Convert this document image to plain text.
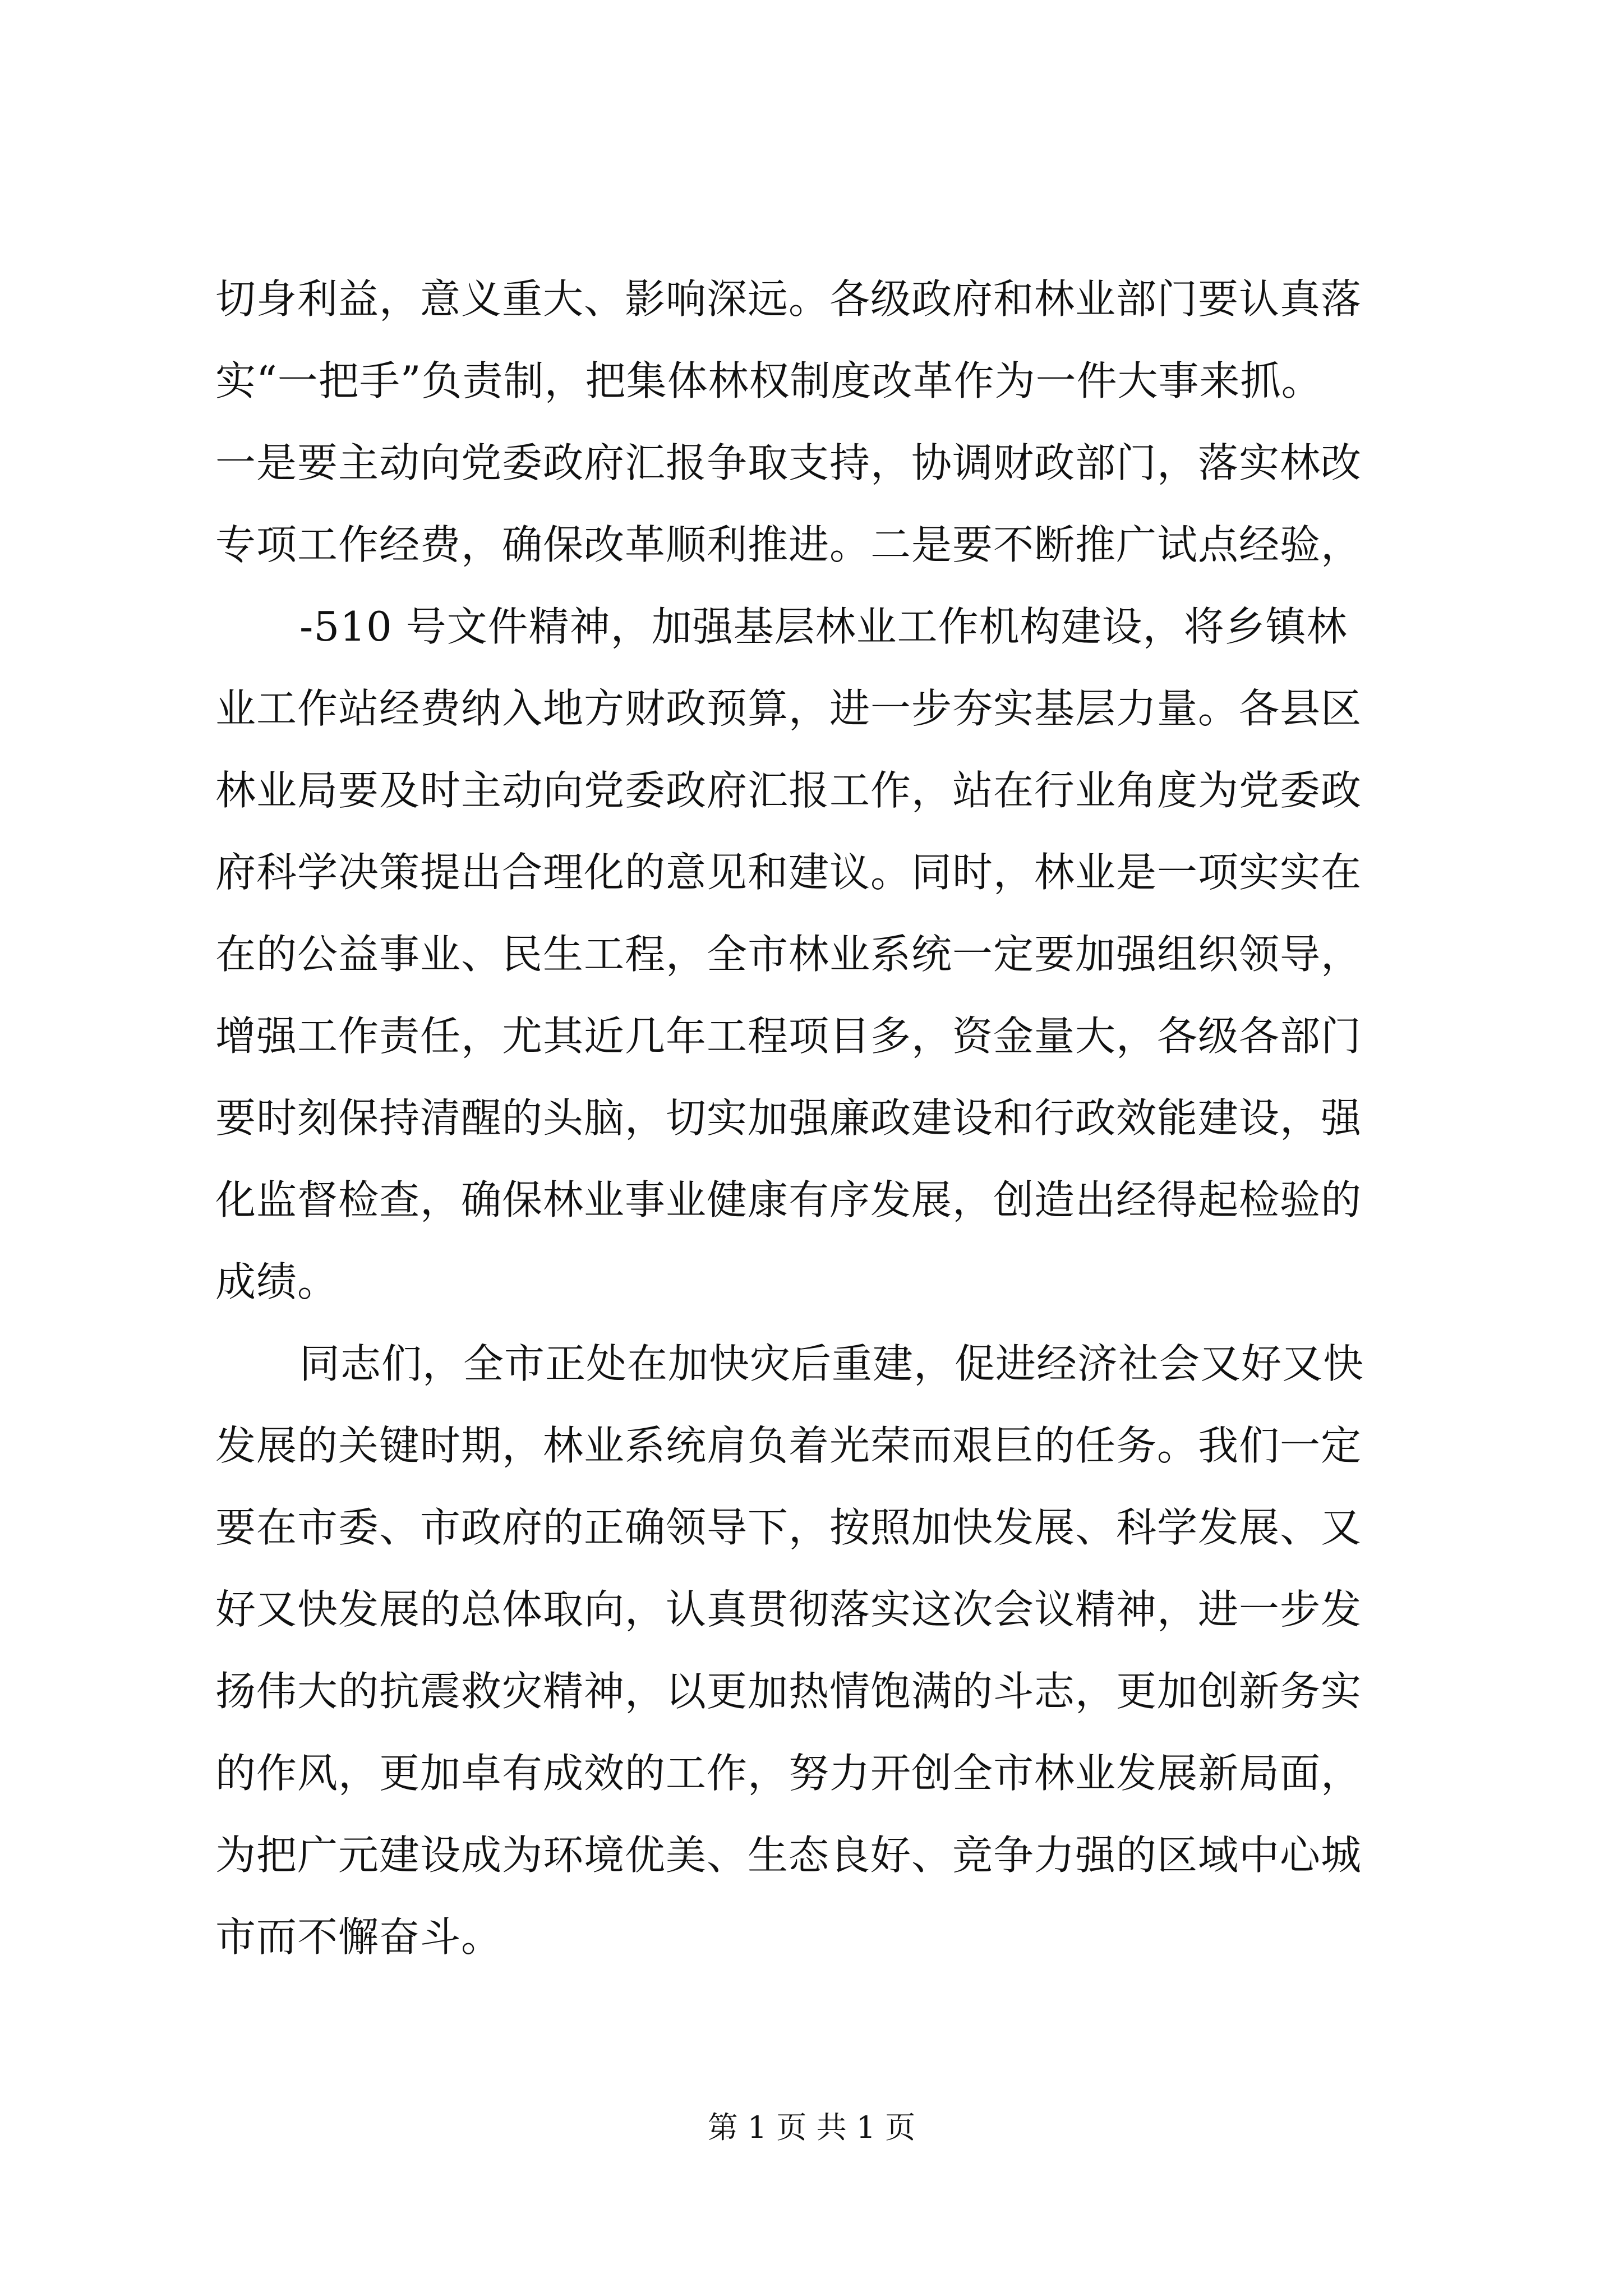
切身利益，意义重大、影响深远。各级政府和林业部门要认真落
实“一把手”负责制，把集体林权制度改革作为一件大事来抓。
一是要主动向党委政府汇报争取支持，协调财政部门，落实林改
专项工作经费，确保改革顺利推进。二是要不断推广试点经验，
-510 号文件精神，加强基层林业工作机构建设，将乡镇林
业工作站经费纳入地方财政预算，进一步夯实基层力量。各县区
林业局要及时主动向党委政府汇报工作，站在行业角度为党委政
府科学决策提出合理化的意见和建议。同时，林业是一项实实在
在的公益事业、民生工程，全市林业系统一定要加强组织领导，
增强工作责任，尤其近几年工程项目多，资金量大，各级各部门
要时刻保持清醒的头脑，切实加强廉政建设和行政效能建设，强
化监督检查，确保林业事业健康有序发展，创造出经得起检验的
成绩。
同志们，全市正处在加快灾后重建，促进经济社会又好又快
发展的关键时期，林业系统肩负着光荣而艰巨的任务。我们一定
要在市委、市政府的正确领导下，按照加快发展、科学发展、又
好又快发展的总体取向，认真贯彻落实这次会议精神，进一步发
扬伟大的抗震救灾精神，以更加热情饱满的斗志，更加创新务实
的作风，更加卓有成效的工作，努力开创全市林业发展新局面，
为把广元建设成为环境优美、生态良好、竞争力强的区域中心城
市而不懈奋斗。
第 1 页 共 1 页
